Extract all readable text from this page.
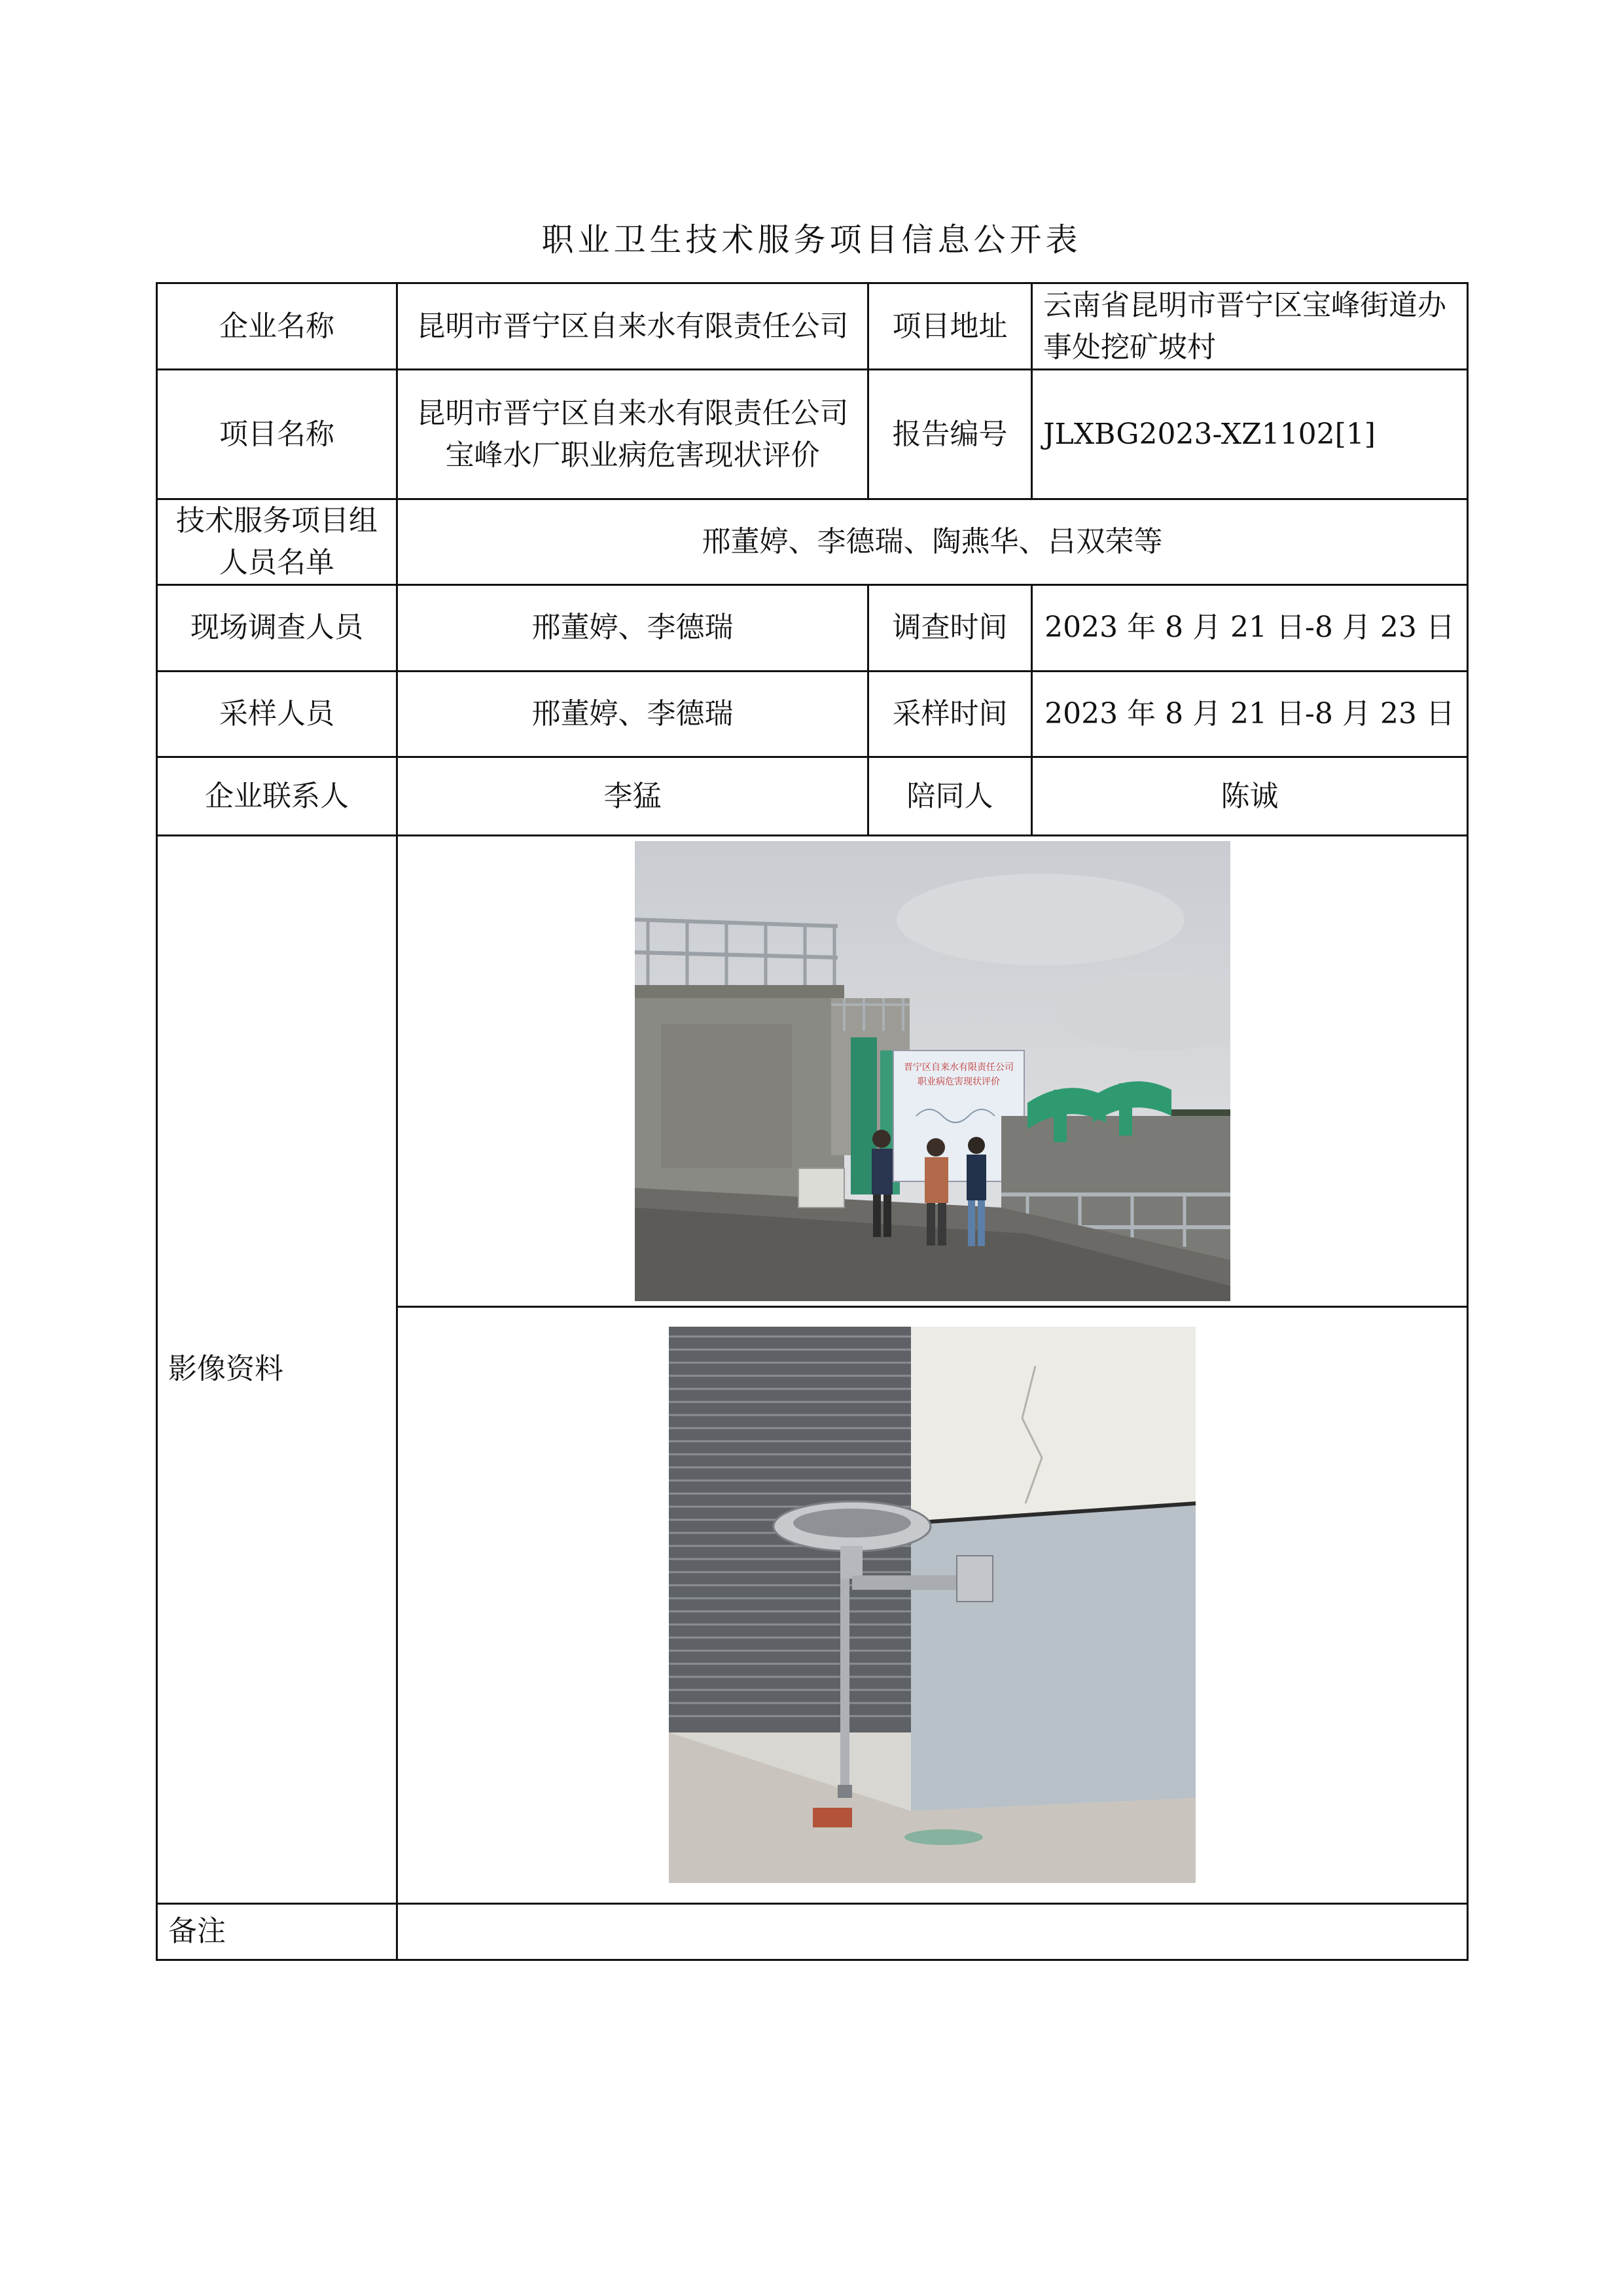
职业卫生技术服务项目信息公开表
企业名称	昆明市晋宁区自来水有限责任公司	项目地址	云南省昆明市晋宁区宝峰街道办事处挖矿坡村
项目名称	昆明市晋宁区自来水有限责任公司宝峰水厂职业病危害现状评价	报告编号	JLXBG2023-XZ1102[1]
技术服务项目组人员名单	邢董婷、李德瑞、陶燕华、吕双荣等		
现场调查人员	邢董婷、李德瑞	调查时间	2023 年 8 月 21 日-8 月 23 日
采样人员	邢董婷、李德瑞	采样时间	2023 年 8 月 21 日-8 月 23 日
企业联系人	李猛	陪同人	陈诚
影像资料	晋宁区自来水有限责任公司
职业病危害现状评价		

备注			
